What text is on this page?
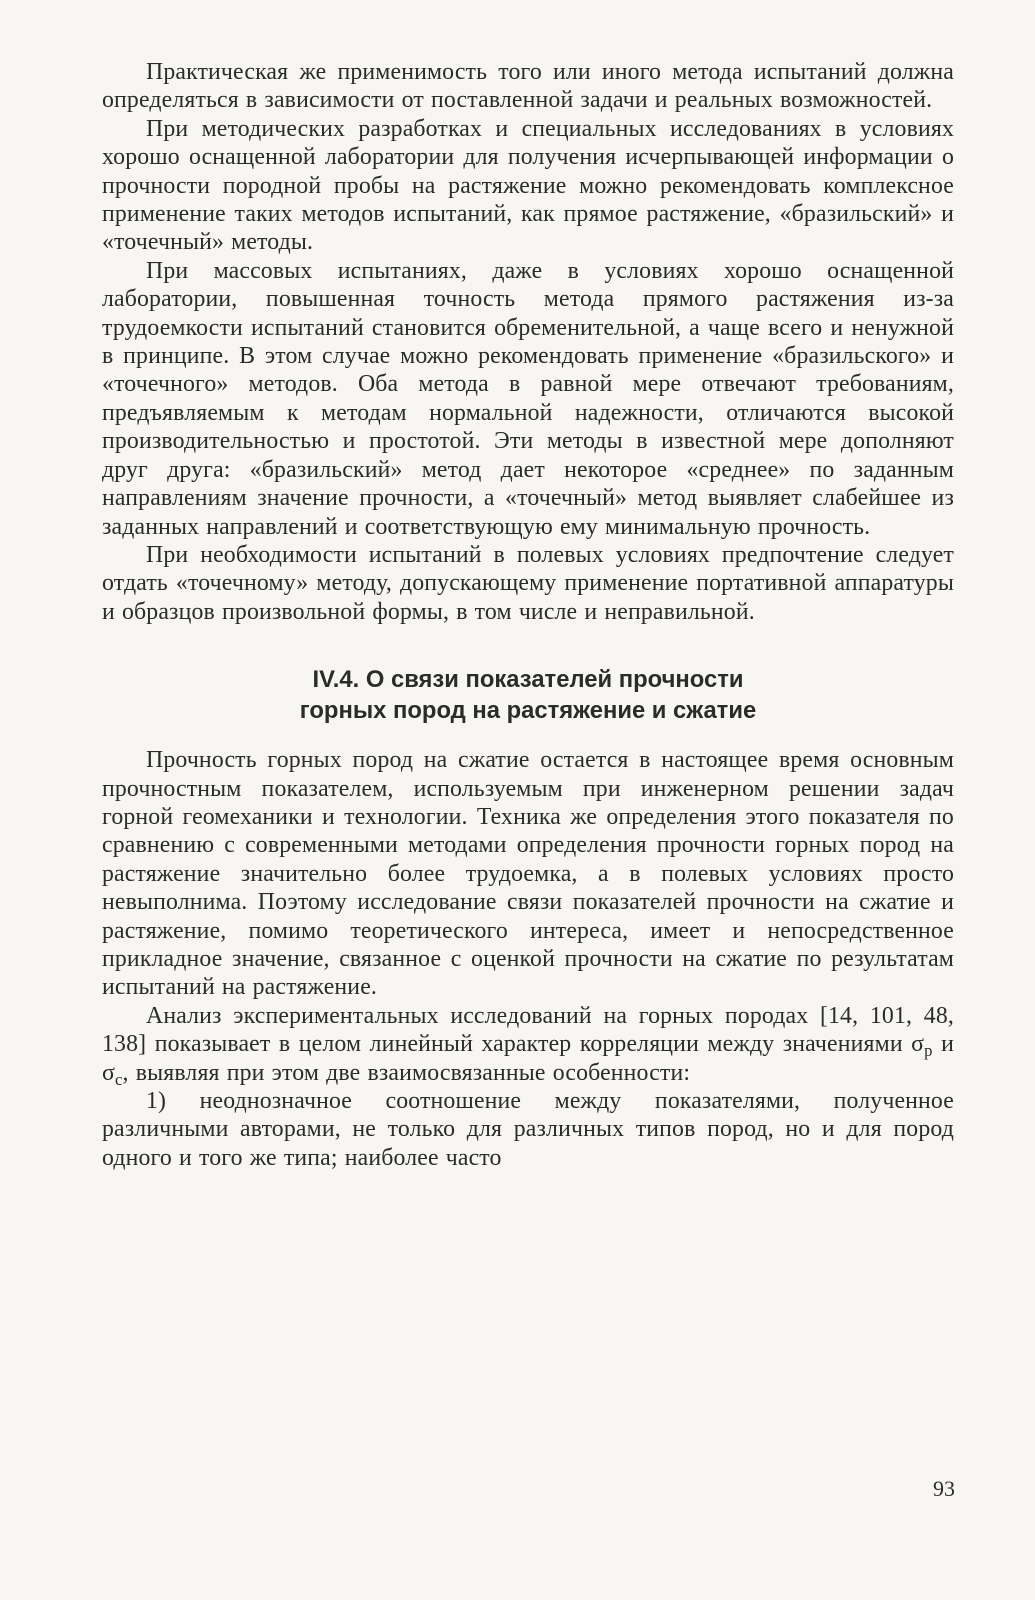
Практическая же применимость того или иного метода испытаний должна определяться в зависимости от поставленной задачи и реальных возможностей.

При методических разработках и специальных исследованиях в условиях хорошо оснащенной лаборатории для получения исчерпывающей информации о прочности породной пробы на растяжение можно рекомендовать комплексное применение таких методов испытаний, как прямое растяжение, «бразильский» и «точечный» методы.

При массовых испытаниях, даже в условиях хорошо оснащенной лаборатории, повышенная точность метода прямого растяжения из-за трудоемкости испытаний становится обременительной, а чаще всего и ненужной в принципе. В этом случае можно рекомендовать применение «бразильского» и «точечного» методов. Оба метода в равной мере отвечают требованиям, предъявляемым к методам нормальной надежности, отличаются высокой производительностью и простотой. Эти методы в известной мере дополняют друг друга: «бразильский» метод дает некоторое «среднее» по заданным направлениям значение прочности, а «точечный» метод выявляет слабейшее из заданных направлений и соответствующую ему минимальную прочность.

При необходимости испытаний в полевых условиях предпочтение следует отдать «точечному» методу, допускающему применение портативной аппаратуры и образцов произвольной формы, в том числе и неправильной.

IV.4. О связи показателей прочности
горных пород на растяжение и сжатие

Прочность горных пород на сжатие остается в настоящее время основным прочностным показателем, используемым при инженерном решении задач горной геомеханики и технологии. Техника же определения этого показателя по сравнению с современными методами определения прочности горных пород на растяжение значительно более трудоемка, а в полевых условиях просто невыполнима. Поэтому исследование связи показателей прочности на сжатие и растяжение, помимо теоретического интереса, имеет и непосредственное прикладное значение, связанное с оценкой прочности на сжатие по результатам испытаний на растяжение.

Анализ экспериментальных исследований на горных породах [14, 101, 48, 138] показывает в целом линейный характер корреляции между значениями $\sigma_p$ и $\sigma_c$, выявляя при этом две взаимосвязанные особенности:

1) неоднозначное соотношение между показателями, полученное различными авторами, не только для различных типов пород, но и для пород одного и того же типа; наиболее часто

93
